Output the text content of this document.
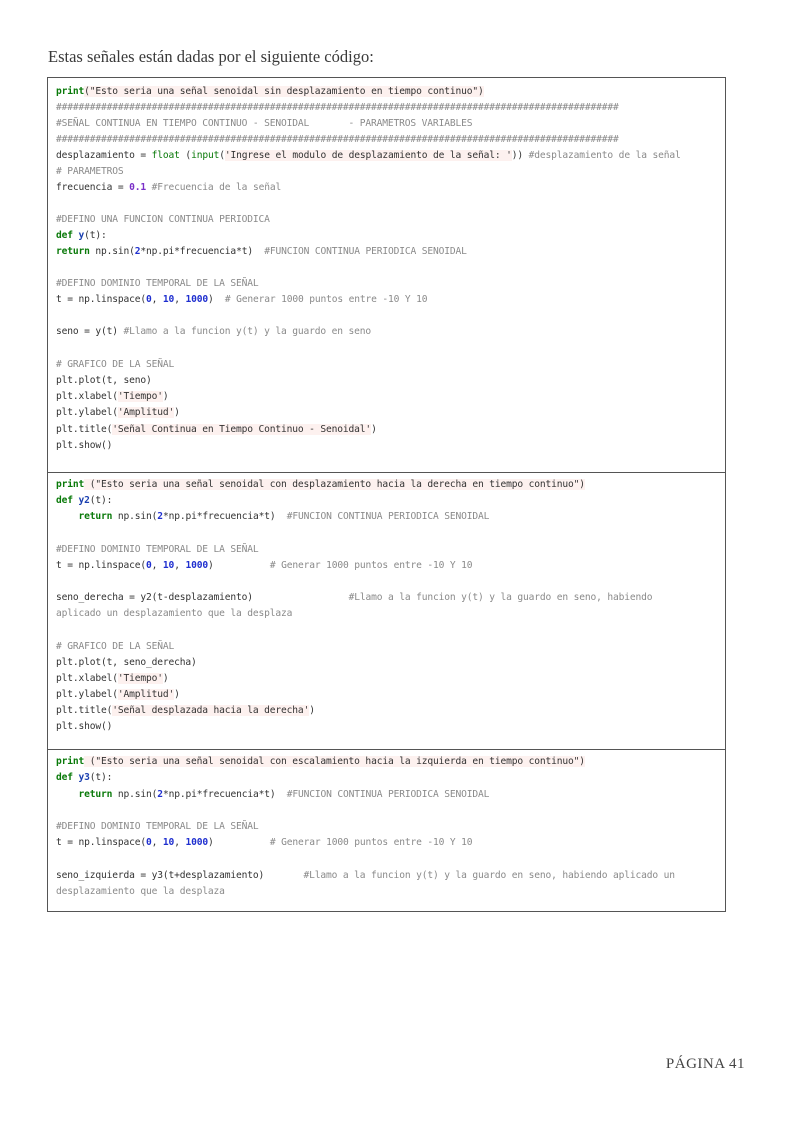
Estas señales están dadas por el siguiente código:

print("Esto seria una señal senoidal sin desplazamiento en tiempo continuo")
####################################################################################################
#SEÑAL CONTINUA EN TIEMPO CONTINUO - SENOIDAL       - PARAMETROS VARIABLES
####################################################################################################
desplazamiento = float (input('Ingrese el modulo de desplazamiento de la señal: ')) #desplazamiento de la señal
# PARAMETROS
frecuencia = 0.1 #Frecuencia de la señal
#DEFINO UNA FUNCION CONTINUA PERIODICA
def y(t):
return np.sin(2*np.pi*frecuencia*t)  #FUNCION CONTINUA PERIODICA SENOIDAL
#DEFINO DOMINIO TEMPORAL DE LA SEÑAL
t = np.linspace(0, 10, 1000)  # Generar 1000 puntos entre -10 Y 10
seno = y(t) #Llamo a la funcion y(t) y la guardo en seno
# GRAFICO DE LA SEÑAL
plt.plot(t, seno)
plt.xlabel('Tiempo')
plt.ylabel('Amplitud')
plt.title('Señal Continua en Tiempo Continuo - Senoidal')
plt.show()
print ("Esto seria una señal senoidal con desplazamiento hacia la derecha en tiempo continuo")
def y2(t):
return np.sin(2*np.pi*frecuencia*t)  #FUNCION CONTINUA PERIODICA SENOIDAL
#DEFINO DOMINIO TEMPORAL DE LA SEÑAL
t = np.linspace(0, 10, 1000)          # Generar 1000 puntos entre -10 Y 10
seno_derecha = y2(t-desplazamiento)                 #Llamo a la funcion y(t) y la guardo en seno, habiendo
aplicado un desplazamiento que la desplaza
# GRAFICO DE LA SEÑAL
plt.plot(t, seno_derecha)
plt.xlabel('Tiempo')
plt.ylabel('Amplitud')
plt.title('Señal desplazada hacia la derecha')
plt.show()
print ("Esto seria una señal senoidal con escalamiento hacia la izquierda en tiempo continuo")
def y3(t):
return np.sin(2*np.pi*frecuencia*t)  #FUNCION CONTINUA PERIODICA SENOIDAL
#DEFINO DOMINIO TEMPORAL DE LA SEÑAL
t = np.linspace(0, 10, 1000)          # Generar 1000 puntos entre -10 Y 10
seno_izquierda = y3(t+desplazamiento)       #Llamo a la funcion y(t) y la guardo en seno, habiendo aplicado un
desplazamiento que la desplaza

PÁGINA 41
